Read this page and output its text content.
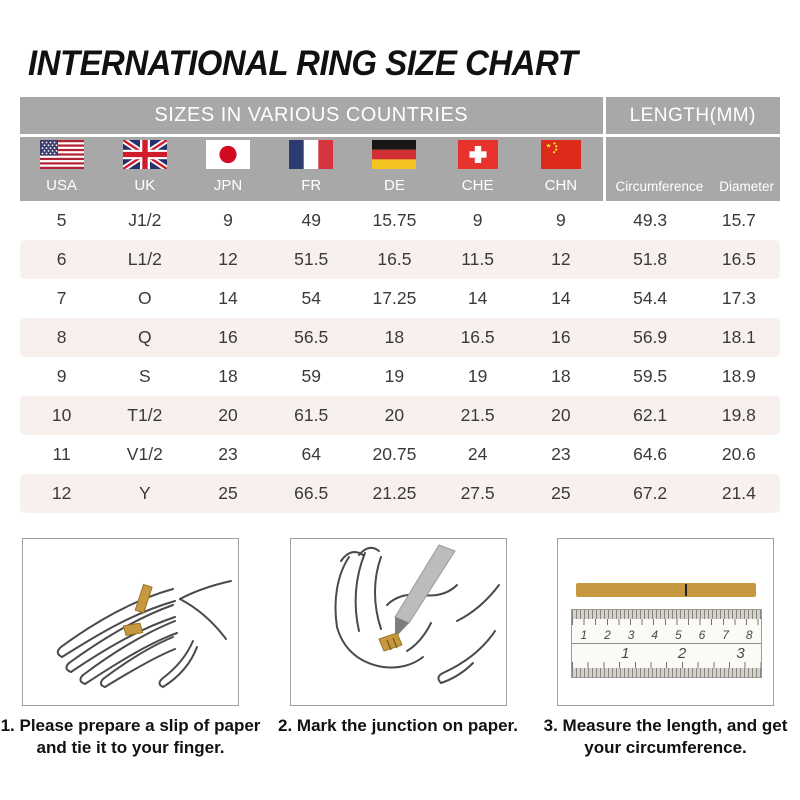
INTERNATIONAL RING SIZE CHART
SIZES IN VARIOUS COUNTRIES							LENGTH(MM)	

USA	UK	JPN	FR	DE	CHE	CHN	Circumference Diameter	

5	J1/2	9	49	15.75	9	9	49.3	15.7
6	L1/2	12	51.5	16.5	11.5	12	51.8	16.5
7	O	14	54	17.25	14	14	54.4	17.3
8	Q	16	56.5	18	16.5	16	56.9	18.1
9	S	18	59	19	19	18	59.5	18.9
10	T1/2	20	61.5	20	21.5	20	62.1	19.8
11	V1/2	23	64	20.75	24	23	64.6	20.6
12	Y	25	66.5	21.25	27.5	25	67.2	21.4
1. Please prepare a slip of paper and tie it to your finger.
2. Mark the junction on paper.
1 2 3 4 5 6 7 8
1	2	3
3. Measure the length, and get your circumference.
